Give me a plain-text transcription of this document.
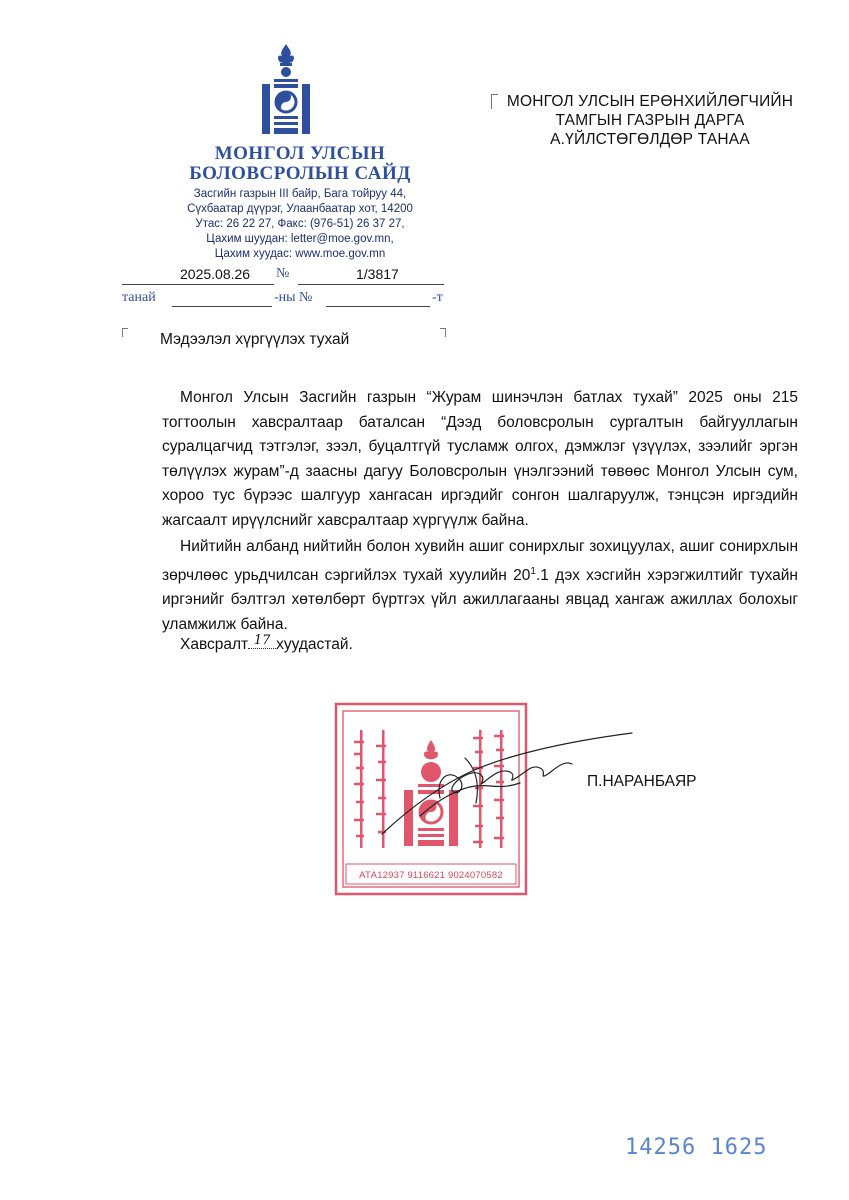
МОНГОЛ УЛСЫН
БОЛОВСРОЛЫН САЙД
Засгийн газрын III байр, Бага тойруу 44,
Сүхбаатар дүүрэг, Улаанбаатар хот, 14200
Утас: 26 22 27, Факс: (976-51) 26 37 27,
Цахим шуудан: letter@moe.gov.mn,
Цахим хуудас: www.moe.gov.mn
2025.08.26 №	1/3817
танай	-ны №	-т
МОНГОЛ УЛСЫН ЕРӨНХИЙЛӨГЧИЙН
ТАМГЫН ГАЗРЫН ДАРГА
А.ҮЙЛСТӨГӨЛДӨР ТАНАА
Мэдээлэл хүргүүлэх тухай
Монгол Улсын Засгийн газрын “Журам шинэчлэн батлах тухай” 2025 оны 215 тогтоолын хавсралтаар баталсан “Дээд боловсролын сургалтын байгууллагын суралцагчид тэтгэлэг, зээл, буцалтгүй тусламж олгох, дэмжлэг үзүүлэх, зээлийг эргэн төлүүлэх журам”-д заасны дагуу Боловсролын үнэлгээний төвөөс Монгол Улсын сум, хороо тус бүрээс шалгуур хангасан иргэдийг сонгон шалгаруулж, тэнцсэн иргэдийн жагсаалт ирүүлснийг хавсралтаар хүргүүлж байна.
Нийтийн албанд нийтийн болон хувийн ашиг сонирхлыг зохицуулах, ашиг сонирхлын зөрчлөөс урьдчилсан сэргийлэх тухай хуулийн $20^1.1$ дэх хэсгийн хэрэгжилтийг тухайн иргэнийг бэлтгэл хөтөлбөрт бүртгэх үйл ажиллагааны явцад хангаж ажиллах болохыг уламжилж байна.
Хавсралт 17 хуудастай.
АТА12937 9116621 9024070582
П.НАРАНБАЯР
14256 1625
